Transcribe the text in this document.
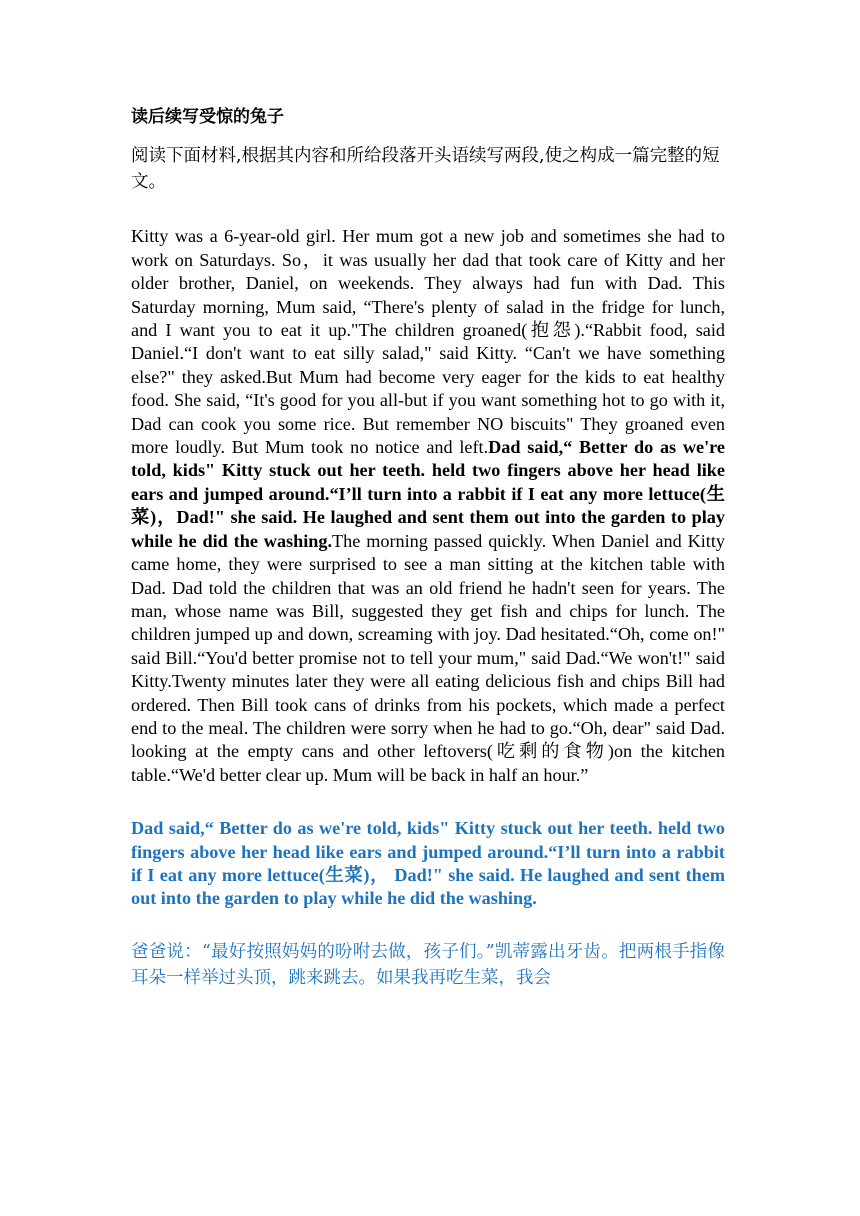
读后续写受惊的兔子

阅读下面材料,根据其内容和所给段落开头语续写两段,使之构成一篇完整的短文。

Kitty was a 6-year-old girl. Her mum got a new job and sometimes she had to work on Saturdays. So，it was usually her dad that took care of Kitty and her older brother, Daniel, on weekends. They always had fun with Dad. This Saturday morning, Mum said, “There's plenty of salad in the fridge for lunch, and I want you to eat it up."The children groaned(抱怨).“Rabbit food, said Daniel.“I don't want to eat silly salad," said Kitty. “Can't we have something else?" they asked.But Mum had become very eager for the kids to eat healthy food. She said, “It's good for you all-but if you want something hot to go with it, Dad can cook you some rice. But remember NO biscuits" They groaned even more loudly. But Mum took no notice and left.Dad said,“ Better do as we're told, kids" Kitty stuck out her teeth. held two fingers above her head like ears and jumped around.“I’ll turn into a rabbit if I eat any more lettuce(生菜)，Dad!" she said. He laughed and sent them out into the garden to play while he did the washing.The morning passed quickly. When Daniel and Kitty came home, they were surprised to see a man sitting at the kitchen table with Dad. Dad told the children that was an old friend he hadn't seen for years. The man, whose name was Bill, suggested they get fish and chips for lunch. The children jumped up and down, screaming with joy. Dad hesitated.“Oh, come on!" said Bill.“You'd better promise not to tell your mum," said Dad.“We won't!" said Kitty.Twenty minutes later they were all eating delicious fish and chips Bill had ordered. Then Bill took cans of drinks from his pockets, which made a perfect end to the meal. The children were sorry when he had to go.“Oh, dear" said Dad. looking at the empty cans and other leftovers(吃剩的食物)on the kitchen table.“We'd better clear up. Mum will be back in half an hour.”

Dad said,“ Better do as we're told, kids" Kitty stuck out her teeth. held two fingers above her head like ears and jumped around.“I’ll turn into a rabbit if I eat any more lettuce(生菜)， Dad!" she said. He laughed and sent them out into the garden to play while he did the washing.

爸爸说：“最好按照妈妈的吩咐去做，孩子们。”凯蒂露出牙齿。把两根手指像耳朵一样举过头顶，跳来跳去。如果我再吃生菜，我会
